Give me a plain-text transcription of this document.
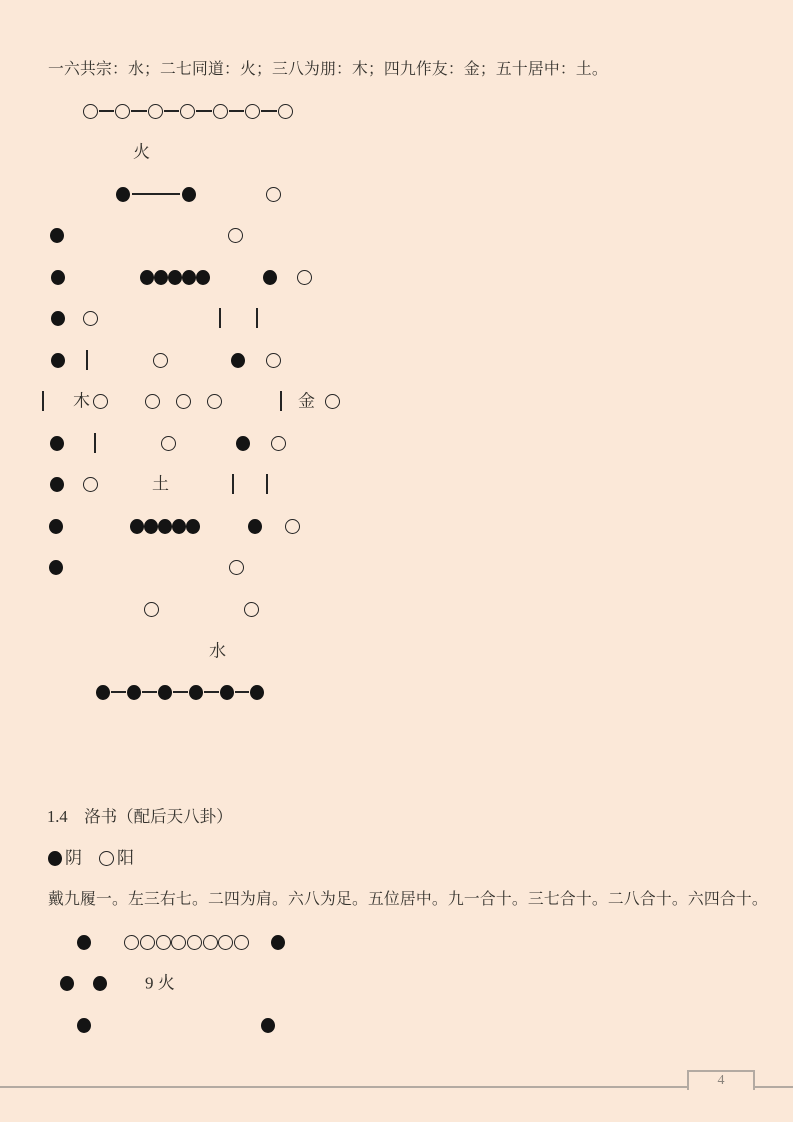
一六共宗：水；二七同道：火；三八为朋：木；四九作友：金；五十居中：土。
火
木	金
土
水
阴 阳
9 火
1.4　洛书（配后天八卦）
戴九履一。左三右七。二四为肩。六八为足。五位居中。九一合十。三七合十。二八合十。六四合十。
4
